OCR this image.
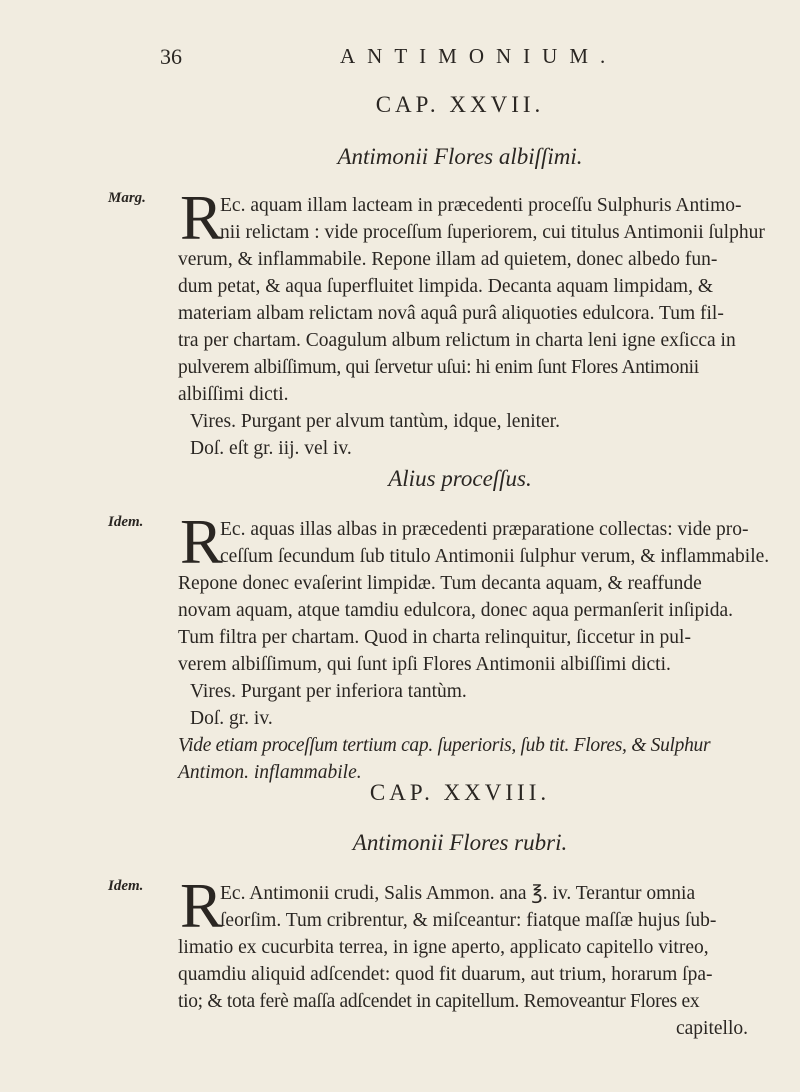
36	ANTIMONIUM.
CAP. XXVII.
Antimonii Flores albiſſimi.
Marg. R
Ec. aquam illam lacteam in præcedenti proceſſu Sulphuris Antimo-
nii relictam : vide proceſſum ſuperiorem, cui titulus Antimonii ſulphur
verum, & inflammabile. Repone illam ad quietem, donec albedo fun-
dum petat, & aqua ſuperfluitet limpida. Decanta aquam limpidam, &
materiam albam relictam novâ aquâ purâ aliquoties edulcora. Tum fil-
tra per chartam. Coagulum album relictum in charta leni igne exſicca in
pulverem albiſſimum, qui ſervetur uſui: hi enim ſunt Flores Antimonii
albiſſimi dicti.
Vires. Purgant per alvum tantùm, idque, leniter.
Doſ. eſt gr. iij. vel iv.
Alius proceſſus.
Idem. R
Ec. aquas illas albas in præcedenti præparatione collectas: vide pro-
ceſſum ſecundum ſub titulo Antimonii ſulphur verum, & inflammabile.
Repone donec evaſerint limpidæ. Tum decanta aquam, & reaffunde
novam aquam, atque tamdiu edulcora, donec aqua permanſerit inſipida.
Tum filtra per chartam. Quod in charta relinquitur, ſiccetur in pul-
verem albiſſimum, qui ſunt ipſi Flores Antimonii albiſſimi dicti.
Vires. Purgant per inferiora tantùm.
Doſ. gr. iv.
Vide etiam proceſſum tertium cap. ſuperioris, ſub tit. Flores, & Sulphur
Antimon. inflammabile.
CAP. XXVIII.
Antimonii Flores rubri.
Idem. R
Ec. Antimonii crudi, Salis Ammon. ana ℥. iv. Terantur omnia
ſeorſim. Tum cribrentur, & miſceantur: fiatque maſſæ hujus ſub-
limatio ex cucurbita terrea, in igne aperto, applicato capitello vitreo,
quamdiu aliquid adſcendet: quod fit duarum, aut trium, horarum ſpa-
tio; & tota ferè maſſa adſcendet in capitellum. Removeantur Flores ex
capitello.
